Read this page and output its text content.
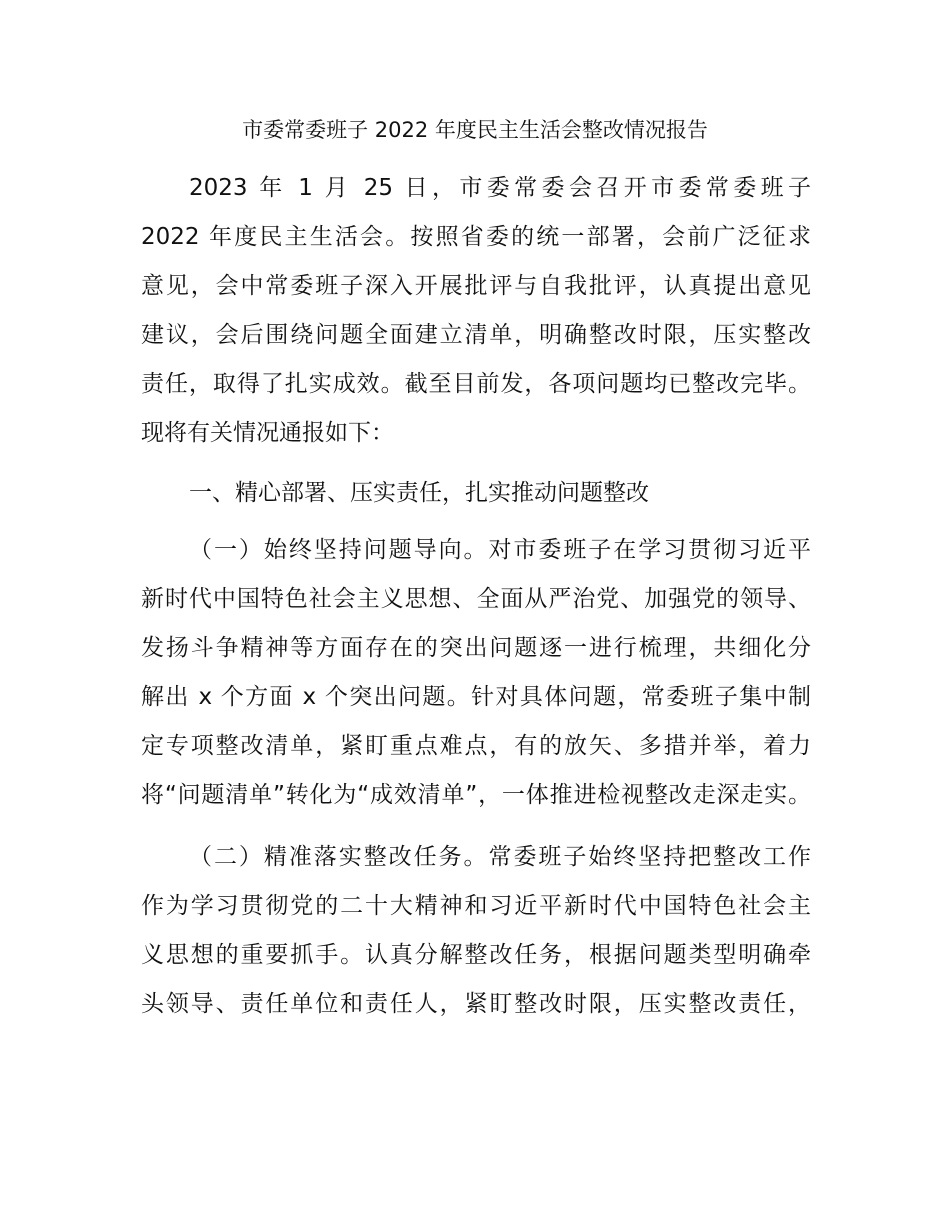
市委常委班子 2022 年度民主生活会整改情况报告
2023 年 1 月 25 日，市委常委会召开市委常委班子
2022 年度民主生活会。按照省委的统一部署，会前广泛征求
意见，会中常委班子深入开展批评与自我批评，认真提出意见
建议，会后围绕问题全面建立清单，明确整改时限，压实整改
责任，取得了扎实成效。截至目前发，各项问题均已整改完毕。
现将有关情况通报如下：
一、精心部署、压实责任，扎实推动问题整改
（一）始终坚持问题导向。对市委班子在学习贯彻习近平
新时代中国特色社会主义思想、全面从严治党、加强党的领导、
发扬斗争精神等方面存在的突出问题逐一进行梳理，共细化分
解出 x 个方面 x 个突出问题。针对具体问题，常委班子集中制
定专项整改清单，紧盯重点难点，有的放矢、多措并举，着力
将“问题清单”转化为“成效清单”，一体推进检视整改走深走实。
（二）精准落实整改任务。常委班子始终坚持把整改工作
作为学习贯彻党的二十大精神和习近平新时代中国特色社会主
义思想的重要抓手。认真分解整改任务，根据问题类型明确牵
头领导、责任单位和责任人，紧盯整改时限，压实整改责任，
